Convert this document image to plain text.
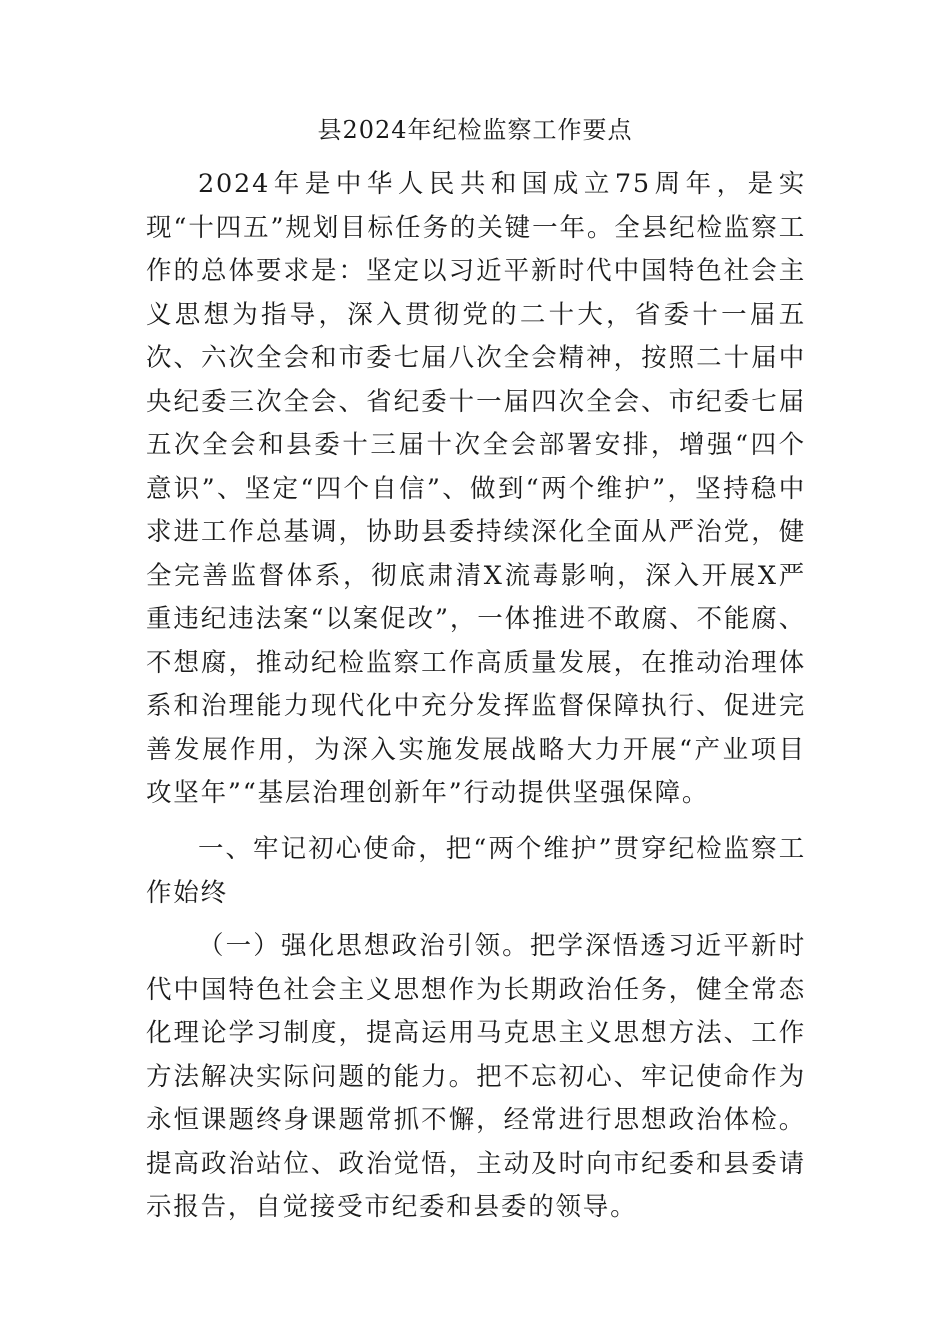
县2024年纪检监察工作要点

2024年是中华人民共和国成立75周年，是实现“十四五”规划目标任务的关键一年。全县纪检监察工作的总体要求是：坚定以习近平新时代中国特色社会主义思想为指导，深入贯彻党的二十大，省委十一届五次、六次全会和市委七届八次全会精神，按照二十届中央纪委三次全会、省纪委十一届四次全会、市纪委七届五次全会和县委十三届十次全会部署安排，增强“四个意识”、坚定“四个自信”、做到“两个维护”，坚持稳中求进工作总基调，协助县委持续深化全面从严治党，健全完善监督体系，彻底肃清X流毒影响，深入开展X严重违纪违法案“以案促改”，一体推进不敢腐、不能腐、不想腐，推动纪检监察工作高质量发展，在推动治理体系和治理能力现代化中充分发挥监督保障执行、促进完善发展作用，为深入实施发展战略大力开展“产业项目攻坚年”“基层治理创新年”行动提供坚强保障。

一、牢记初心使命，把“两个维护”贯穿纪检监察工作始终

（一）强化思想政治引领。把学深悟透习近平新时代中国特色社会主义思想作为长期政治任务，健全常态化理论学习制度，提高运用马克思主义思想方法、工作方法解决实际问题的能力。把不忘初心、牢记使命作为永恒课题终身课题常抓不懈，经常进行思想政治体检。提高政治站位、政治觉悟，主动及时向市纪委和县委请示报告，自觉接受市纪委和县委的领导。
